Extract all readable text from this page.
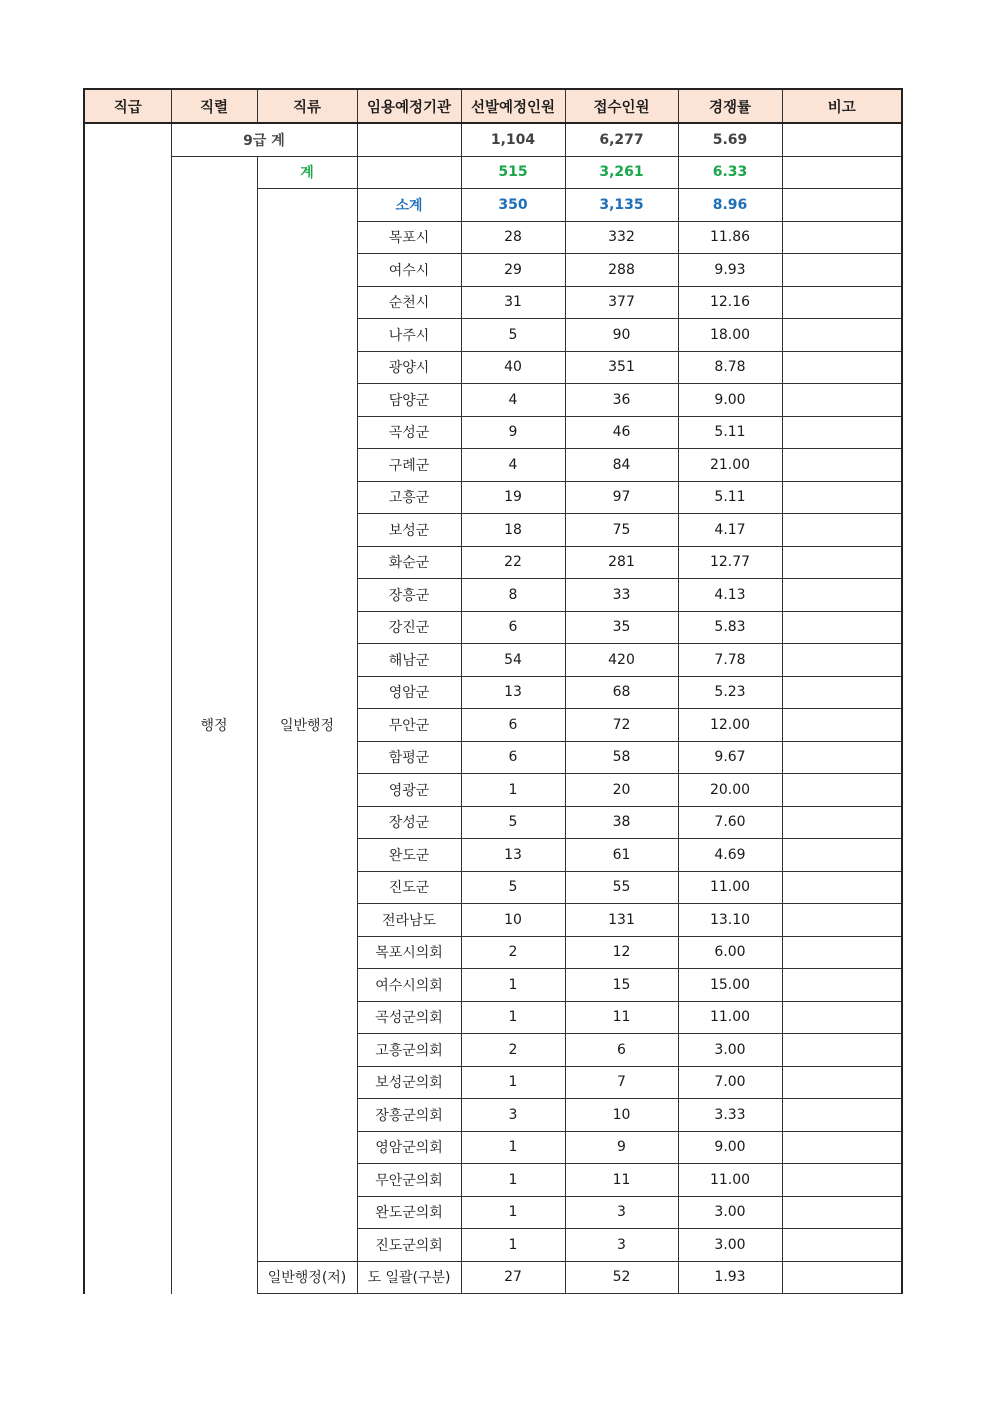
직급	직렬	직류	임용예정기관	선발예정인원	접수인원	경쟁률	비고
	9급 계			1,104	6,277	5.69	
	행정	계		515	3,261	6.33	
		일반행정	소계	350	3,135	8.96	
			목포시	28	332	11.86	
			여수시	29	288	9.93	
			순천시	31	377	12.16	
			나주시	5	90	18.00	
			광양시	40	351	8.78	
			담양군	4	36	9.00	
			곡성군	9	46	5.11	
			구례군	4	84	21.00	
			고흥군	19	97	5.11	
			보성군	18	75	4.17	
			화순군	22	281	12.77	
			장흥군	8	33	4.13	
			강진군	6	35	5.83	
			해남군	54	420	7.78	
			영암군	13	68	5.23	
			무안군	6	72	12.00	
			함평군	6	58	9.67	
			영광군	1	20	20.00	
			장성군	5	38	7.60	
			완도군	13	61	4.69	
			진도군	5	55	11.00	
			전라남도	10	131	13.10	
			목포시의회	2	12	6.00	
			여수시의회	1	15	15.00	
			곡성군의회	1	11	11.00	
			고흥군의회	2	6	3.00	
			보성군의회	1	7	7.00	
			장흥군의회	3	10	3.33	
			영암군의회	1	9	9.00	
			무안군의회	1	11	11.00	
			완도군의회	1	3	3.00	
			진도군의회	1	3	3.00	
		일반행정(저)	도 일괄(구분)	27	52	1.93	
